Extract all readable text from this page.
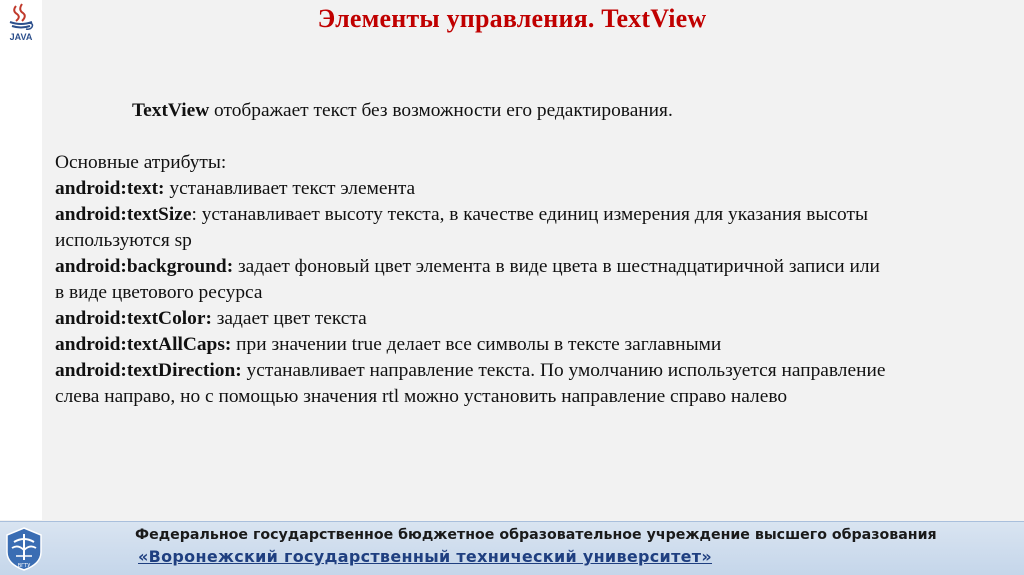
JAVA
Элементы управления. TextView
TextView отображает текст без возможности его редактирования.
Основные атрибуты:
android:text: устанавливает текст элемента
android:textSize: устанавливает высоту текста, в качестве единиц измерения для указания высоты
используются sp
android:background: задает фоновый цвет элемента в виде цвета в шестнадцатиричной записи или
в виде цветового ресурса
android:textColor: задает цвет текста
android:textAllCaps: при значении true делает все символы в тексте заглавными
android:textDirection: устанавливает направление текста. По умолчанию используется направление
слева направо, но с помощью значения rtl можно установить направление справо налево
ВГТУ
Федеральное государственное бюджетное образовательное учреждение высшего образования
«Воронежский государственный технический университет»
